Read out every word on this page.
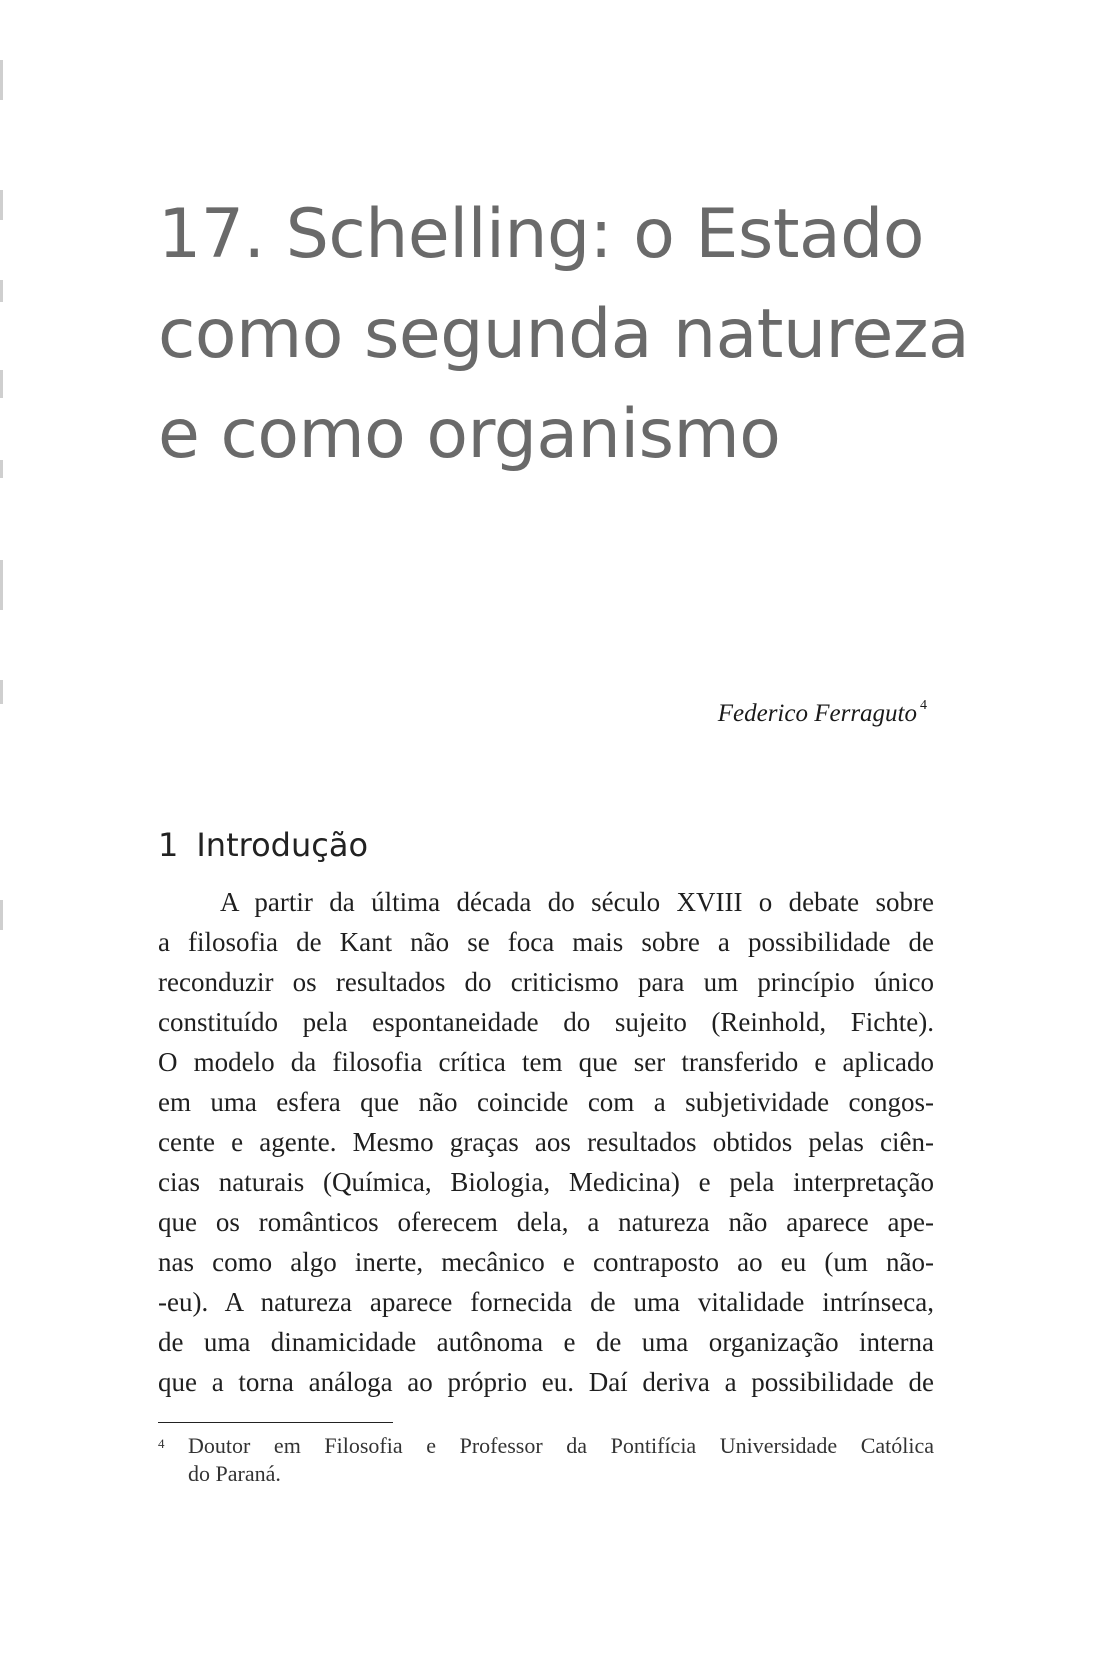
17. Schelling: o Estado
como segunda natureza
e como organismo
Federico Ferraguto $^4$
1 Introdução
A partir da última década do século XVIII o debate sobre
a filosofia de Kant não se foca mais sobre a possibilidade de
reconduzir os resultados do criticismo para um princípio único
constituído pela espontaneidade do sujeito (Reinhold, Fichte).
O modelo da filosofia crítica tem que ser transferido e aplicado
em uma esfera que não coincide com a subjetividade congos-
cente e agente. Mesmo graças aos resultados obtidos pelas ciên-
cias naturais (Química, Biologia, Medicina) e pela interpretação
que os românticos oferecem dela, a natureza não aparece ape-
nas como algo inerte, mecânico e contraposto ao eu (um não-
-eu). A natureza aparece fornecida de uma vitalidade intrínseca,
de uma dinamicidade autônoma e de uma organização interna
que a torna análoga ao próprio eu. Daí deriva a possibilidade de
4 Doutor em Filosofia e Professor da Pontifícia Universidade Católica
do Paraná.
